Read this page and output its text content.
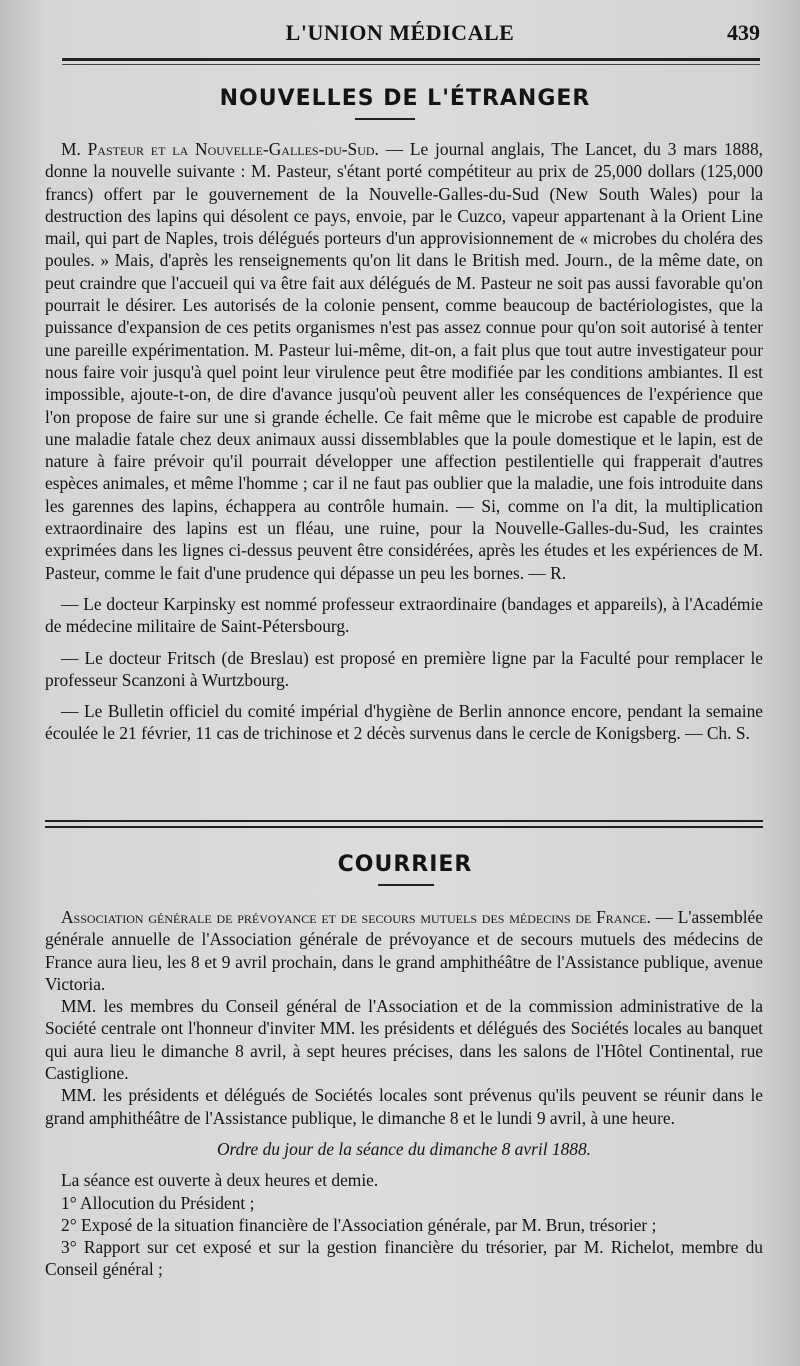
L'UNION MÉDICALE	439
NOUVELLES DE L'ÉTRANGER

M. Pasteur et la Nouvelle-Galles-du-Sud. — Le journal anglais, The Lancet, du 3 mars 1888, donne la nouvelle suivante : M. Pasteur, s'étant porté compétiteur au prix de 25,000 dollars (125,000 francs) offert par le gouvernement de la Nouvelle-Galles-du-Sud (New South Wales) pour la destruction des lapins qui désolent ce pays, envoie, par le Cuzco, vapeur appartenant à la Orient Line mail, qui part de Naples, trois délégués porteurs d'un approvisionnement de « microbes du choléra des poules. » Mais, d'après les renseignements qu'on lit dans le British med. Journ., de la même date, on peut craindre que l'accueil qui va être fait aux délégués de M. Pasteur ne soit pas aussi favorable qu'on pourrait le désirer. Les autorisés de la colonie pensent, comme beaucoup de bactériologistes, que la puissance d'expansion de ces petits organismes n'est pas assez connue pour qu'on soit autorisé à tenter une pareille expérimentation. M. Pasteur lui-même, dit-on, a fait plus que tout autre investigateur pour nous faire voir jusqu'à quel point leur virulence peut être modifiée par les conditions ambiantes. Il est impossible, ajoute-t-on, de dire d'avance jusqu'où peuvent aller les conséquences de l'expérience que l'on propose de faire sur une si grande échelle. Ce fait même que le microbe est capable de produire une maladie fatale chez deux animaux aussi dissemblables que la poule domestique et le lapin, est de nature à faire prévoir qu'il pourrait développer une affection pestilentielle qui frapperait d'autres espèces animales, et même l'homme ; car il ne faut pas oublier que la maladie, une fois introduite dans les garennes des lapins, échappera au contrôle humain. — Si, comme on l'a dit, la multiplication extraordinaire des lapins est un fléau, une ruine, pour la Nouvelle-Galles-du-Sud, les craintes exprimées dans les lignes ci-dessus peuvent être considérées, après les études et les expériences de M. Pasteur, comme le fait d'une prudence qui dépasse un peu les bornes. — R.

— Le docteur Karpinsky est nommé professeur extraordinaire (bandages et appareils), à l'Académie de médecine militaire de Saint-Pétersbourg.

— Le docteur Fritsch (de Breslau) est proposé en première ligne par la Faculté pour remplacer le professeur Scanzoni à Wurtzbourg.

— Le Bulletin officiel du comité impérial d'hygiène de Berlin annonce encore, pendant la semaine écoulée le 21 février, 11 cas de trichinose et 2 décès survenus dans le cercle de Konigsberg. — Ch. S.

COURRIER

Association générale de prévoyance et de secours mutuels des médecins de France. — L'assemblée générale annuelle de l'Association générale de prévoyance et de secours mutuels des médecins de France aura lieu, les 8 et 9 avril prochain, dans le grand amphithéâtre de l'Assistance publique, avenue Victoria.

MM. les membres du Conseil général de l'Association et de la commission administrative de la Société centrale ont l'honneur d'inviter MM. les présidents et délégués des Sociétés locales au banquet qui aura lieu le dimanche 8 avril, à sept heures précises, dans les salons de l'Hôtel Continental, rue Castiglione.

MM. les présidents et délégués de Sociétés locales sont prévenus qu'ils peuvent se réunir dans le grand amphithéâtre de l'Assistance publique, le dimanche 8 et le lundi 9 avril, à une heure.

Ordre du jour de la séance du dimanche 8 avril 1888.

La séance est ouverte à deux heures et demie.

1° Allocution du Président ;

2° Exposé de la situation financière de l'Association générale, par M. Brun, trésorier ;

3° Rapport sur cet exposé et sur la gestion financière du trésorier, par M. Richelot, membre du Conseil général ;
